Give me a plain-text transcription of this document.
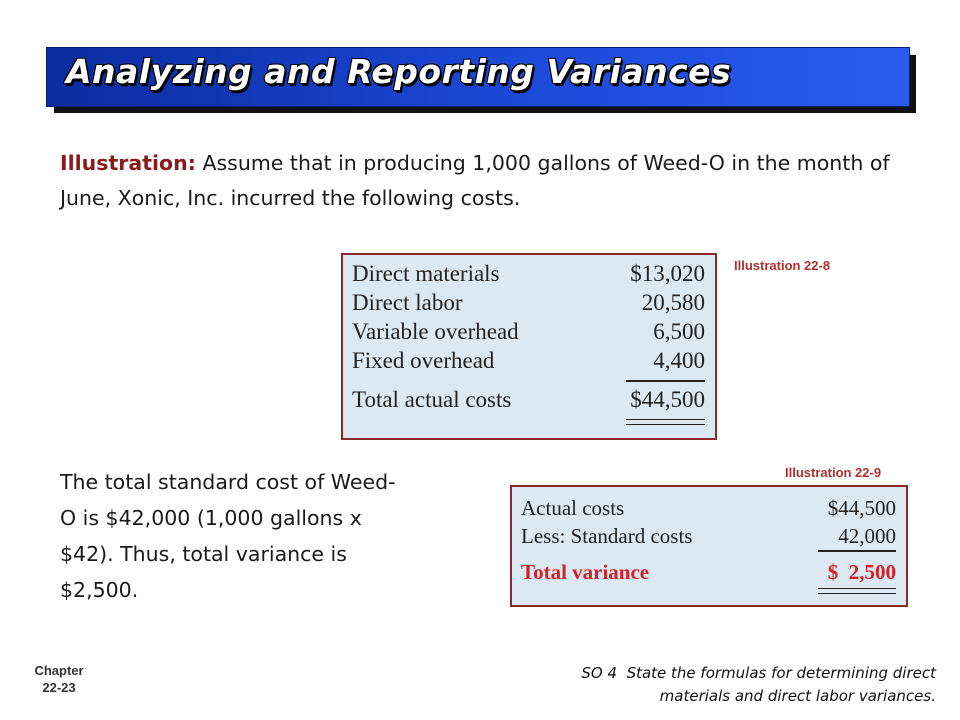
Analyzing and Reporting Variances
Illustration: Assume that in producing 1,000 gallons of Weed-O in the month of June, Xonic, Inc. incurred the following costs.
Illustration 22-8
Direct materials	$13,020
Direct labor	20,580
Variable overhead	6,500
Fixed overhead	4,400
Total actual costs	$44,500
The total standard cost of Weed-O is $42,000 (1,000 gallons x $42). Thus, total variance is $2,500.
Illustration 22-9
Actual costs	$44,500
Less: Standard costs	42,000
Total variance	$  2,500
Chapter
22-23
SO 4  State the formulas for determining direct
materials and direct labor variances.
